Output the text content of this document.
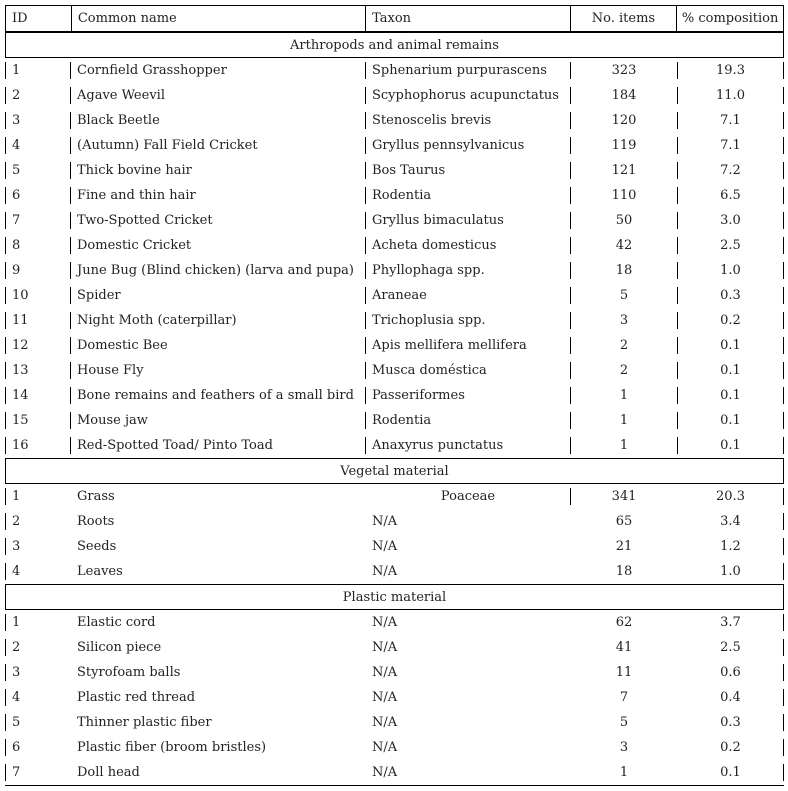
ID	Common name	Taxon	No. items	% composition
Arthropods and animal remains
1	Cornfield Grasshopper	Sphenarium purpurascens	323	19.3
2	Agave Weevil	Scyphophorus acupunctatus	184	11.0
3	Black Beetle	Stenoscelis brevis	120	7.1
4	(Autumn) Fall Field Cricket	Gryllus pennsylvanicus	119	7.1
5	Thick bovine hair	Bos Taurus	121	7.2
6	Fine and thin hair	Rodentia	110	6.5
7	Two-Spotted Cricket	Gryllus bimaculatus	50	3.0
8	Domestic Cricket	Acheta domesticus	42	2.5
9	June Bug (Blind chicken) (larva and pupa)	Phyllophaga spp.	18	1.0
10	Spider	Araneae	5	0.3
11	Night Moth (caterpillar)	Trichoplusia spp.	3	0.2
12	Domestic Bee	Apis mellifera mellifera	2	0.1
13	House Fly	Musca doméstica	2	0.1
14	Bone remains and feathers of a small bird	Passeriformes	1	0.1
15	Mouse jaw	Rodentia	1	0.1
16	Red-Spotted Toad/ Pinto Toad	Anaxyrus punctatus	1	0.1
Vegetal material
1	Grass	Poaceae	341	20.3
2	Roots	N/A	65	3.4
3	Seeds	N/A	21	1.2
4	Leaves	N/A	18	1.0
Plastic material
1	Elastic cord	N/A	62	3.7
2	Silicon piece	N/A	41	2.5
3	Styrofoam balls	N/A	11	0.6
4	Plastic red thread	N/A	7	0.4
5	Thinner plastic fiber	N/A	5	0.3
6	Plastic fiber (broom bristles)	N/A	3	0.2
7	Doll head	N/A	1	0.1
